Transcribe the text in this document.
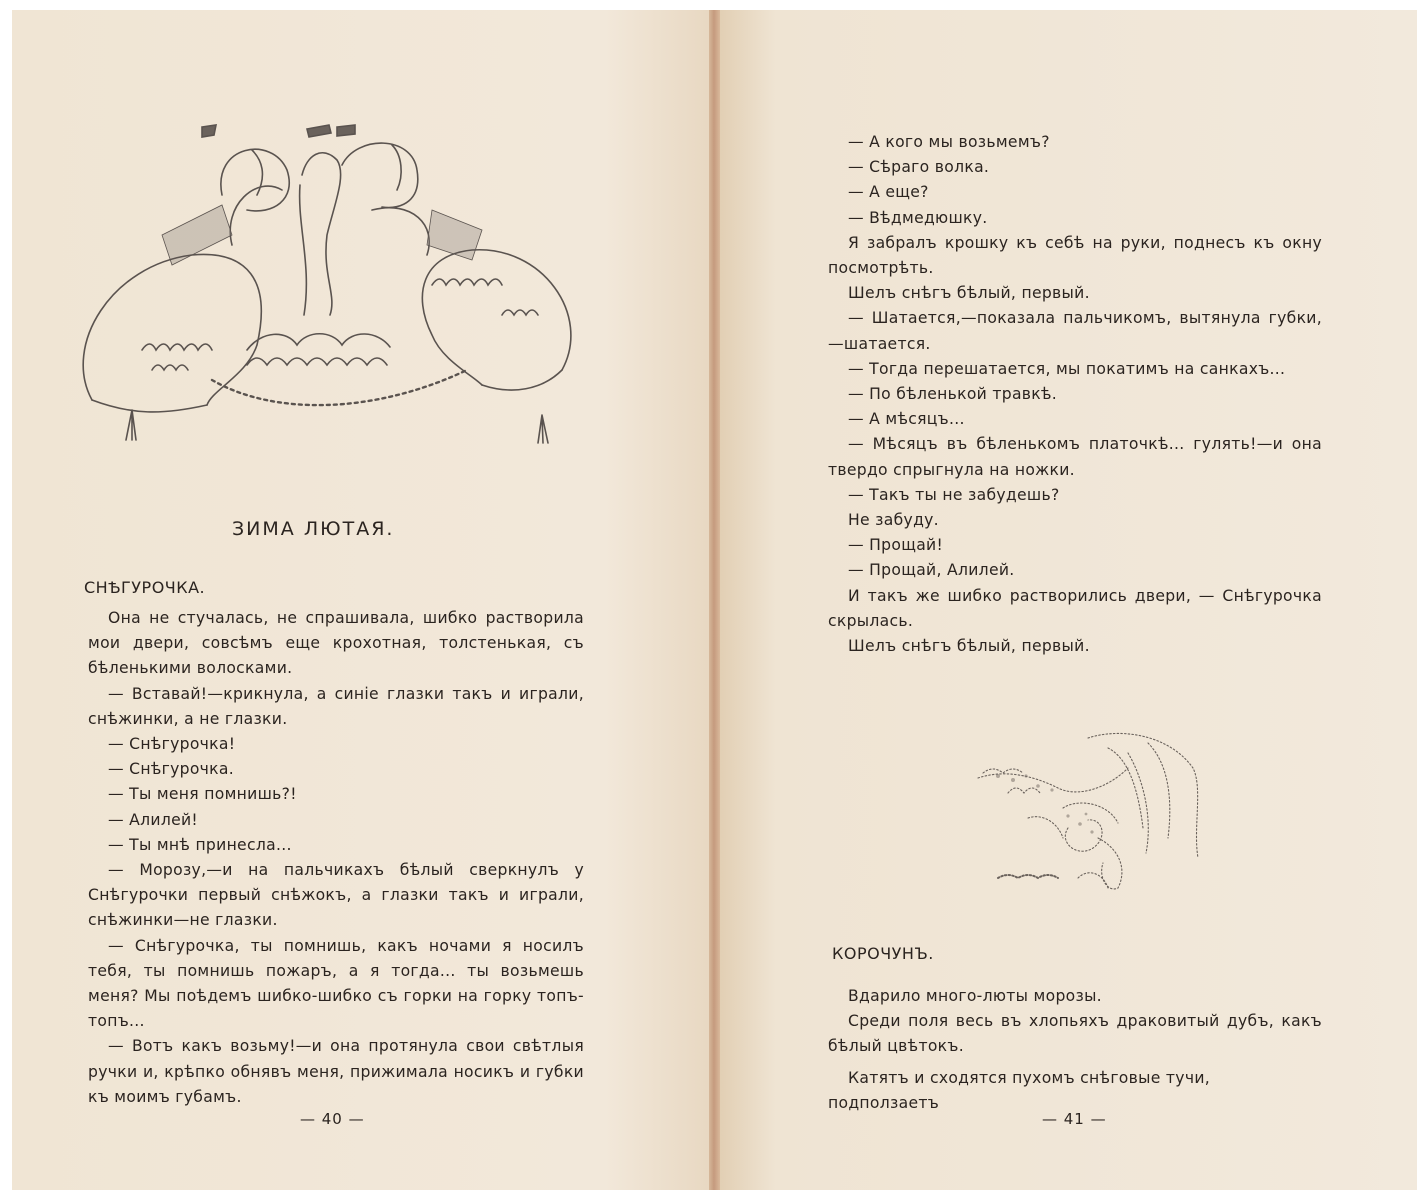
ЗИМА ЛЮТАЯ.
СНѢГУРОЧКА.

Она не стучалась, не спрашивала, шибко растворила мои двери, совсѣмъ еще крохотная, толстенькая, съ бѣленькими волосками.

— Вставай!—крикнула, а синіе глазки такъ и играли, снѣжинки, а не глазки.

— Снѣгурочка!

— Снѣгурочка.

— Ты меня помнишь?!

— Алилей!

— Ты мнѣ принесла...

— Морозу,—и на пальчикахъ бѣлый сверкнулъ у Снѣгурочки первый снѣжокъ, а глазки такъ и играли, снѣжинки—не глазки.

— Снѣгурочка, ты помнишь, какъ ночами я носилъ тебя, ты помнишь пожаръ, а я тогда... ты возьмешь меня? Мы поѣдемъ шибко-шибко съ горки на горку топъ-топъ...

— Вотъ какъ возьму!—и она протянула свои свѣтлыя ручки и, крѣпко обнявъ меня, прижимала носикъ и губки къ моимъ губамъ.

— 40 —

— А кого мы возьмемъ?

— Сѣраго волка.

— А еще?

— Вѣдмедюшку.

Я забралъ крошку къ себѣ на руки, поднесъ къ окну посмотрѣть.

Шелъ снѣгъ бѣлый, первый.

— Шатается,—показала пальчикомъ, вытянула губки,—шатается.

— Тогда перешатается, мы покатимъ на санкахъ...

— По бѣленькой травкѣ.

— А мѣсяцъ...

— Мѣсяцъ въ бѣленькомъ платочкѣ... гулять!—и она твердо спрыгнула на ножки.

— Такъ ты не забудешь?

Не забуду.

— Прощай!

— Прощай, Алилей.

И такъ же шибко растворились двери, — Снѣгурочка скрылась.

Шелъ снѣгъ бѣлый, первый.

КОРОЧУНЪ.

Вдарило много-люты морозы.

Среди поля весь въ хлопьяхъ драковитый дубъ, какъ бѣлый цвѣтокъ.

Катятъ и сходятся пухомъ снѣговые тучи, подползаетъ

— 41 —
